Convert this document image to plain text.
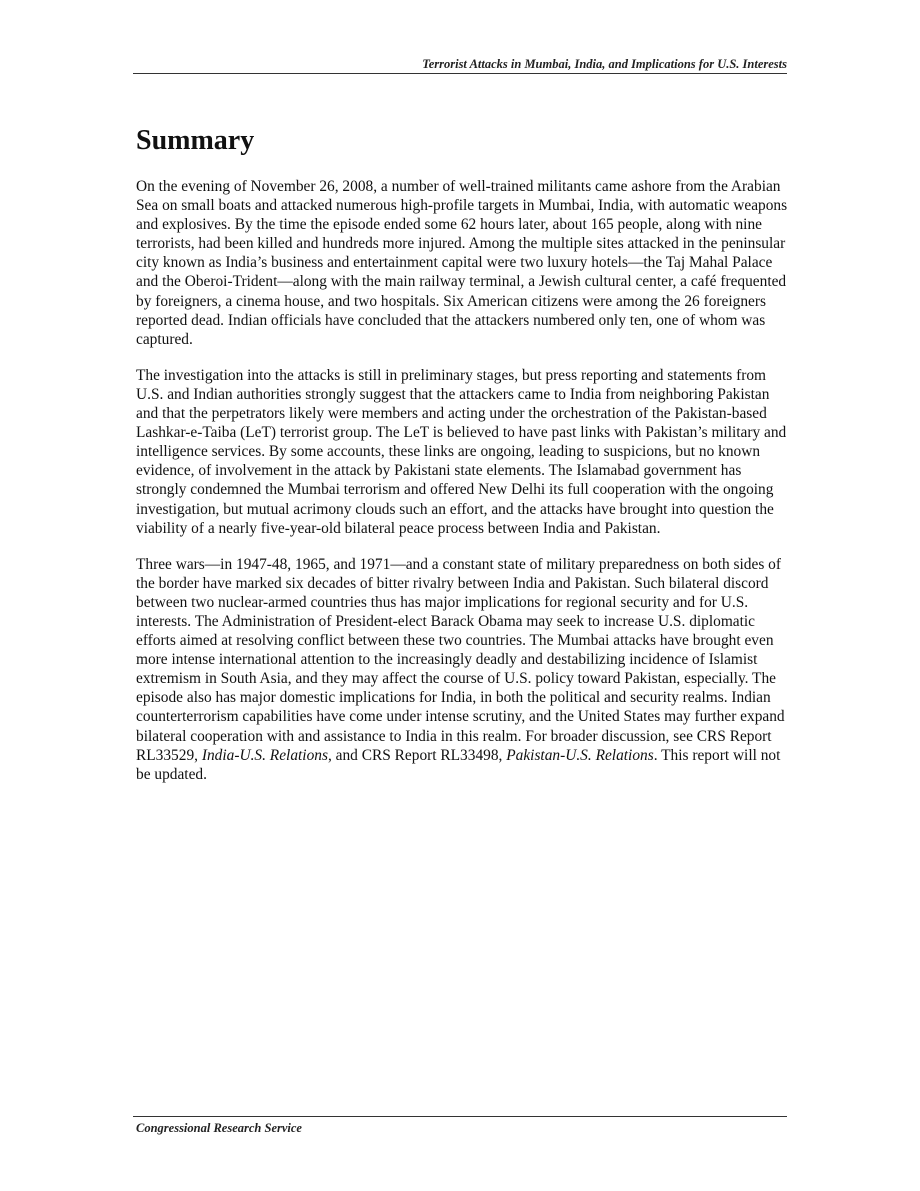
Terrorist Attacks in Mumbai, India, and Implications for U.S. Interests
Summary

On the evening of November 26, 2008, a number of well-trained militants came ashore from the Arabian Sea on small boats and attacked numerous high-profile targets in Mumbai, India, with automatic weapons and explosives. By the time the episode ended some 62 hours later, about 165 people, along with nine terrorists, had been killed and hundreds more injured. Among the multiple sites attacked in the peninsular city known as India’s business and entertainment capital were two luxury hotels—the Taj Mahal Palace and the Oberoi-Trident—along with the main railway terminal, a Jewish cultural center, a café frequented by foreigners, a cinema house, and two hospitals. Six American citizens were among the 26 foreigners reported dead. Indian officials have concluded that the attackers numbered only ten, one of whom was captured.

The investigation into the attacks is still in preliminary stages, but press reporting and statements from U.S. and Indian authorities strongly suggest that the attackers came to India from neighboring Pakistan and that the perpetrators likely were members and acting under the orchestration of the Pakistan-based Lashkar-e-Taiba (LeT) terrorist group. The LeT is believed to have past links with Pakistan’s military and intelligence services. By some accounts, these links are ongoing, leading to suspicions, but no known evidence, of involvement in the attack by Pakistani state elements. The Islamabad government has strongly condemned the Mumbai terrorism and offered New Delhi its full cooperation with the ongoing investigation, but mutual acrimony clouds such an effort, and the attacks have brought into question the viability of a nearly five-year-old bilateral peace process between India and Pakistan.

Three wars—in 1947-48, 1965, and 1971—and a constant state of military preparedness on both sides of the border have marked six decades of bitter rivalry between India and Pakistan. Such bilateral discord between two nuclear-armed countries thus has major implications for regional security and for U.S. interests. The Administration of President-elect Barack Obama may seek to increase U.S. diplomatic efforts aimed at resolving conflict between these two countries. The Mumbai attacks have brought even more intense international attention to the increasingly deadly and destabilizing incidence of Islamist extremism in South Asia, and they may affect the course of U.S. policy toward Pakistan, especially. The episode also has major domestic implications for India, in both the political and security realms. Indian counterterrorism capabilities have come under intense scrutiny, and the United States may further expand bilateral cooperation with and assistance to India in this realm. For broader discussion, see CRS Report RL33529, India-U.S. Relations, and CRS Report RL33498, Pakistan-U.S. Relations. This report will not be updated.

Congressional Research Service
